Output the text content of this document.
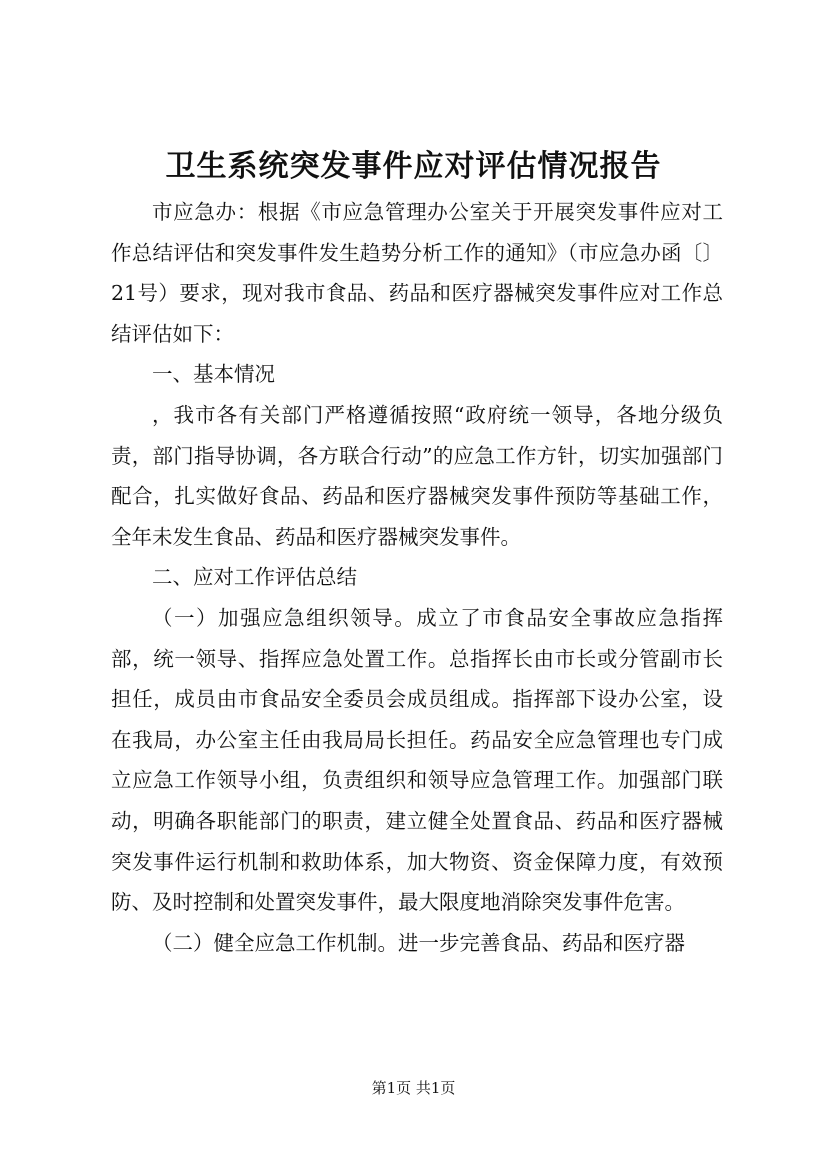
卫生系统突发事件应对评估情况报告

市应急办：根据《市应急管理办公室关于开展突发事件应对工作总结评估和突发事件发生趋势分析工作的通知》（市应急办函〔〕21号）要求，现对我市食品、药品和医疗器械突发事件应对工作总结评估如下：

一、基本情况

，我市各有关部门严格遵循按照“政府统一领导，各地分级负责，部门指导协调，各方联合行动”的应急工作方针，切实加强部门配合，扎实做好食品、药品和医疗器械突发事件预防等基础工作，全年未发生食品、药品和医疗器械突发事件。

二、应对工作评估总结

（一）加强应急组织领导。成立了市食品安全事故应急指挥部，统一领导、指挥应急处置工作。总指挥长由市长或分管副市长担任，成员由市食品安全委员会成员组成。指挥部下设办公室，设在我局，办公室主任由我局局长担任。药品安全应急管理也专门成立应急工作领导小组，负责组织和领导应急管理工作。加强部门联动，明确各职能部门的职责，建立健全处置食品、药品和医疗器械突发事件运行机制和救助体系，加大物资、资金保障力度，有效预防、及时控制和处置突发事件，最大限度地消除突发事件危害。

（二）健全应急工作机制。进一步完善食品、药品和医疗器

第1页 共1页
